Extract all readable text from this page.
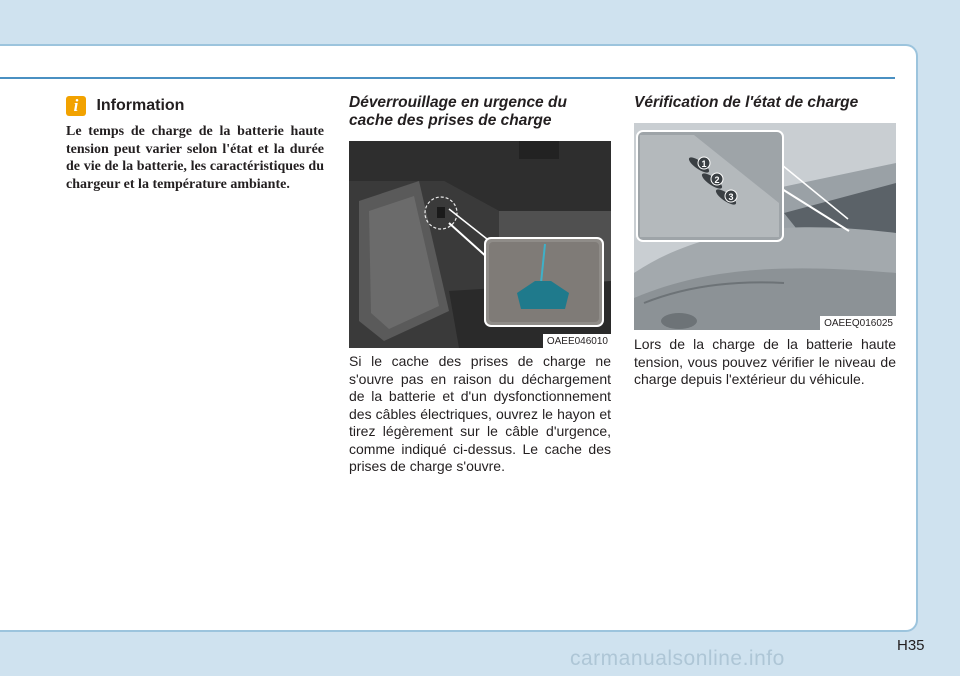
i Information
Le temps de charge de la batterie haute tension peut varier selon l'état et la durée de vie de la batterie, les caractéristiques du chargeur et la température ambiante.
Déverrouillage en urgence du cache des prises de charge
OAEE046010
Si le cache des prises de charge ne s'ouvre pas en raison du déchargement de la batterie et d'un dysfonctionnement des câbles électriques, ouvrez le hayon et tirez légèrement sur le câble d'urgence, comme indiqué ci-dessus. Le cache des prises de charge s'ouvre.
Vérification de l'état de charge
1
2
3
OAEEQ016025
Lors de la charge de la batterie haute tension, vous pouvez vérifier le niveau de charge depuis l'extérieur du véhicule.
H35
carmanualsonline.info
